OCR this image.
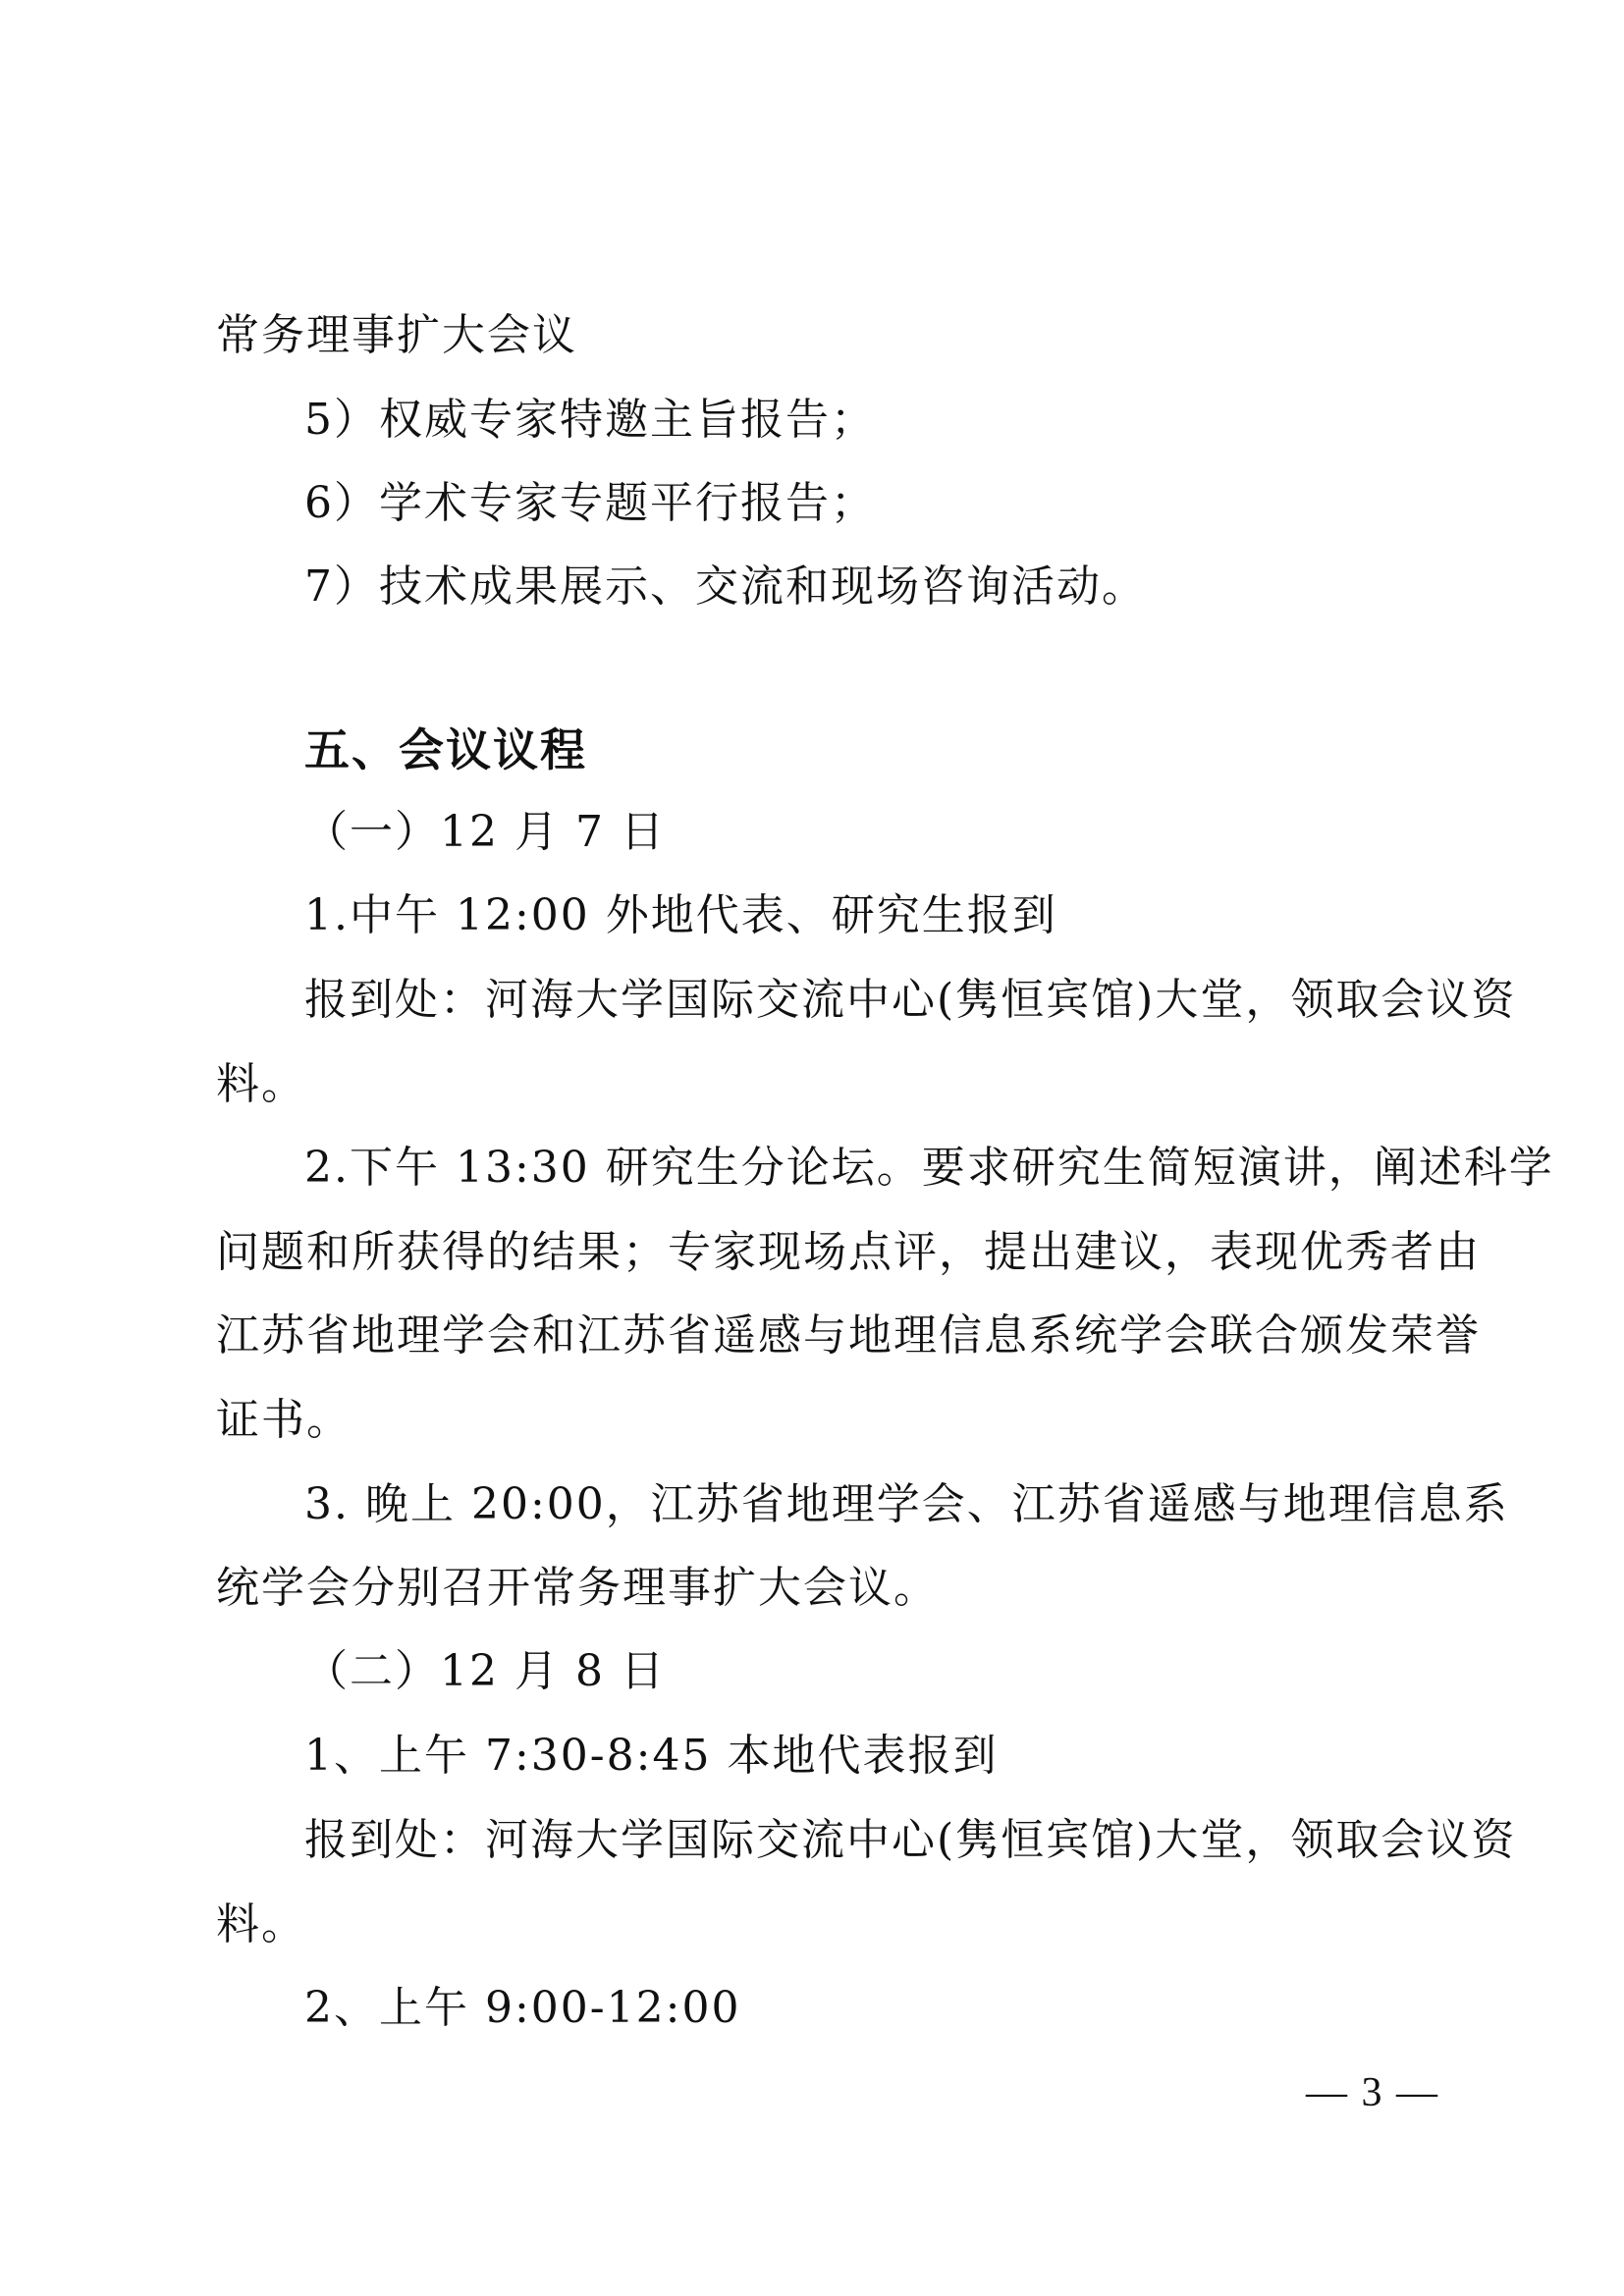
常务理事扩大会议
5）权威专家特邀主旨报告；
6）学术专家专题平行报告；
7）技术成果展示、交流和现场咨询活动。
五、会议议程
（一）12 月 7 日
1.中午 12:00 外地代表、研究生报到
报到处：河海大学国际交流中心(隽恒宾馆)大堂，领取会议资
料。
2.下午 13:30 研究生分论坛。要求研究生简短演讲，阐述科学
问题和所获得的结果；专家现场点评，提出建议，表现优秀者由
江苏省地理学会和江苏省遥感与地理信息系统学会联合颁发荣誉
证书。
3. 晚上 20:00，江苏省地理学会、江苏省遥感与地理信息系
统学会分别召开常务理事扩大会议。
（二）12 月 8 日
1、上午 7:30-8:45 本地代表报到
报到处：河海大学国际交流中心(隽恒宾馆)大堂，领取会议资
料。
2、上午 9:00-12:00
— 3 —
